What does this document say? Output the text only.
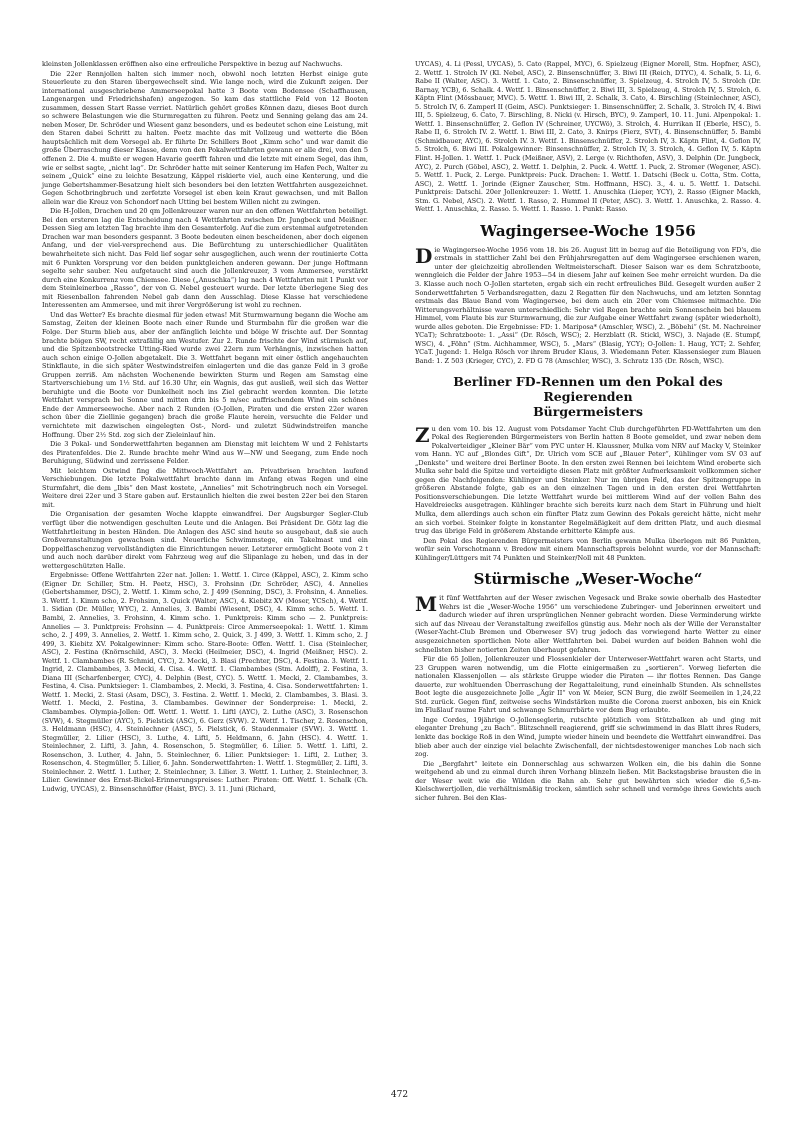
kleinsten Jollenklassen eröffnen also eine erfreuliche Perspektive in bezug auf Nachwuchs.

Die 22er Rennjollen halten sich immer noch, obwohl noch letzten Herbst einige gute Steuerleute zu den Staren übergewechselt sind. Wie lange noch, wird die Zukunft zeigen. Der international ausgeschriebene Ammerseepokal hatte 3 Boote vom Bodensee (Schaffhausen, Langenargen und Friedrichshafen) angezogen. So kam das stattliche Feld von 12 Booten zusammen, dessen Start Rasse verriet. Natürlich gehört großes Können dazu, dieses Boot durch so schwere Belastungen wie die Sturmregatten zu führen. Peetz und Senning gelang das am 24. neben Moser, Dr. Schröder und Wiesent ganz besonders, und es bedeutet schon eine Leistung, mit den Staren dabei Schritt zu halten. Peetz machte das mit Vollzeug und wetterte die Böen hauptsächlich mit dem Vorsegel ab. Er führte Dr. Schillers Boot „Kimm scho“ und war damit die große Überraschung dieser Klasse, denn von den Pokalwettfahrten gewann er alle drei, von den 5 offenen 2. Die 4. mußte er wegen Havarie geerfft fahren und die letzte mit einem Segel, das ihm, wie er selbst sagte, „nicht lag“. Dr. Schröder hatte mit seiner Kenterung im Hafen Pech, Walter zu seinem „Quick“ eine zu leichte Besatzung, Käppel riskierte viel, auch eine Kenterung, und die junge Gebertshammer-Besatzung hielt sich besonders bei den letzten Wettfahrten ausgezeichnet. Gegen Schotbringbruch und zerfetzte Vorsegel ist eben kein Kraut gewachsen, und mit Ballon allein war die Kreuz von Schondorf nach Utting bei bestem Willen nicht zu zwingen.

Die H-Jollen, Drachen und 20 qm Jollenkreuzer waren nur an den offenen Wettfahrten beteiligt. Bei den ersteren lag die Entscheidung nach 4 Wettfahrten zwischen Dr. Jungbeck und Meißner. Dessen Sieg am letzten Tag brachte ihm den Gesamterfolg. Auf die zum erstenmal aufgetretenden Drachen war man besonders gespannt. 3 Boote bedeuten einen bescheidenen, aber doch eigenen Anfang, und der viel-versprechend aus. Die Befürchtung zu unterschiedlicher Qualitäten bewahrheitete sich nicht. Das Feld lief sogar sehr ausgeglichen, auch wenn der routinierte Cotta mit 6 Punkten Vorsprung vor den beiden punktgleichen anderen gewann. Der junge Hoftmann segelte sehr sauber. Neu aufgetaucht sind auch die Jollenkreuzer, 3 vom Ammersee, verstärkt durch eine Konkurrenz vom Chiemsee. Diese („Anuschka“) lag nach 4 Wettfahrten mit 1 Punkt vor dem Steinleinerboa „Rasso“, der von G. Nebel gesteuert wurde. Der letzte überlegene Sieg des mit Riesenballon fahrenden Nebel gab dann den Ausschlag. Diese Klasse hat verschiedene Interessenten am Ammersee, und mit ihrer Vergrößerung ist wohl zu rechnen.

Und das Wetter? Es brachte diesmal für jeden etwas! Mit Sturmwarnung begann die Woche am Samstag, Zeiten der kleinen Boote nach einer Runde und Sturmbahn für die großen war die Folge. Der Sturm blieb aus, aber der anfänglich leichte und böige W frischte auf. Der Sonntag brachte böigen SW, recht extrafällig am Westufer. Zur 2. Runde frischte der Wind stürmisch auf, und die Spitzenbootstrecke Utting-Ried wurde zwei 22ern zum Verhängnis, inzwischen hatten auch schon einige O-Jollen abgetakelt. Die 3. Wettfahrt begann mit einer östlich angehauchten Stinkflaute, in die sich später Westwindstreifen einlagerten und die das ganze Feld in 3 große Gruppen zerriß. Am nächsten Wochenende bewirkten Sturm und Regen am Samstag eine Startverschiebung um 1½ Std. auf 16.30 Uhr, ein Wagnis, das gut ausließ, weil sich das Wetter beruhigte und die Boote vor Dunkelheit noch ins Ziel gebracht werden konnten. Die letzte Wettfahrt versprach bei Sonne und mitten drin bis 5 m/sec auffrischendem Wind ein schönes Ende der Ammerseewoche. Aber nach 2 Runden (O-Jollen, Piraten und die ersten 22er waren schon über die Ziellinie gegangen) brach die große Flaute herein, versuchte die Felder und vernichtete mit dazwischen eingelegten Ost-, Nord- und zuletzt Südwindstreifen manche Hoffnung. Über 2½ Std. zog sich der Zieleinlauf hin.

Die 3 Pokal- und Sonderwettfahrten begannen am Dienstag mit leichtem W und 2 Fehlstarts des Piratenfeldes. Die 2. Runde brachte mehr Wind aus W—NW und Seegang, zum Ende noch Beruhigung, Südwind und zerrissene Felder.

Mit leichtem Ostwind fing die Mittwoch-Wettfahrt an. Privatbrisen brachten laufend Verschiebungen. Die letzte Pokalwettfahrt brachte dann im Anfang etwas Regen und eine Sturmfahrt, die dem „Ibis“ den Mast kostete, „Annelies“ mit Schotringbruch noch ein Vorsegel. Weitere drei 22er und 3 Stare gaben auf. Erstaunlich hielten die zwei besten 22er bei den Staren mit.

Die Organisation der gesamten Woche klappte einwandfrei. Der Augsburger Segler-Club verfügt über die notwendigen geschulten Leute und die Anlagen. Bei Präsident Dr. Götz lag die Wettfahrtleitung in besten Händen. Die Anlagen des ASC sind heute so ausgebaut, daß sie auch Großveranstaltungen gewachsen sind. Neuerliche Schwimmstege, ein Takelmast und ein Doppelflaschenzug vervollständigten die Einrichtungen neuer. Letzterer ermöglicht Boote von 2 t und auch noch darüber direkt vom Fahrzeug weg auf die Slipanlage zu heben, und das in der wettergeschützten Halle.

Ergebnisse: Offene Wettfahrten 22er nat. Jollen: 1. Wettf. 1. Circe (Käppel, ASC), 2. Kimm scho (Eigner Dr. Schiller, Stm. H. Peetz, HSC), 3. Frohsinn (Dr. Schröder, ASC), 4. Annelies (Gebertshammer, DSC), 2. Wettf. 1. Kimm scho, 2. J 499 (Senning, DSC), 3. Frohsinn, 4. Annelies. 3. Wettf. 1. Kimm scho, 2. Frohsinn, 3. Quick (Walter, ASC), 4. Kiebitz XV (Moser, YCSch), 4. Wettf. 1. Sidian (Dr. Müller, WYC), 2. Annelies, 3. Bambi (Wiesent, DSC), 4. Kimm scho. 5. Wettf. 1. Bambi, 2. Annelies, 3. Frohsinn, 4. Kimm scho. 1. Punktpreis: Kimm scho — 2. Punktpreis: Annelies — 3. Punktpreis: Frohsinn — 4. Punktpreis: Circe Ammerseepokal: 1. Wettf. 1. Kimm scho, 2. J 499, 3. Annelies, 2. Wettf. 1. Kimm scho, 2. Quick, 3. J 499, 3. Wettf. 1. Kimm scho, 2. J 499, 3. Kiebitz XV. Pokalgewinner: Kimm scho. Stare-Boote: Offen. Wettf. 1. Cisa (Steinlecher, ASC), 2. Festina (Knörnschild, ASC), 3. Mecki (Heilmeier, DSC), 4. Ingrid (Meißner, HSC). 2. Wettf. 1. Clambambes (R. Schmid, CYC), 2. Mecki, 3. Blasi (Prechter, DSC), 4. Festina. 3. Wettf. 1. Ingrid, 2. Clambambes, 3. Mecki, 4. Cisa. 4. Wettf. 1. Clambambes (Stm. Adolff), 2. Festina, 3. Diana III (Scharfenberger, CYC), 4. Delphin (Best, CYC). 5. Wettf. 1. Mecki, 2. Clambambes, 3. Festina, 4. Cisa. Punktsieger: 1. Clambambes, 2. Mecki, 3. Festina, 4. Cisa. Sonderwettfahrten: 1. Wettf. 1. Mecki, 2. Stasi (Asam, DSC), 3. Festina. 2. Wettf. 1. Mecki, 2. Clambambes, 3. Blasi. 3. Wettf. 1. Mecki, 2. Festina, 3. Clambambes. Gewinner der Sonderpreise: 1. Mecki, 2. Clambambes. Olympia-Jollen: Off. Wettf. 1. Wettf. 1. Liftl (AYC), 2. Luthe (ASC), 3. Rosenschon (SVW), 4. Stegmüller (AYC), 5. Pielstick (ASC), 6. Gerz (SVW). 2. Wettf. 1. Tischer, 2. Rosenschon, 3. Heldmann (HSC), 4. Steinlechner (ASC), 5. Pielstick, 6. Staudenmaier (SVW). 3. Wettf. 1. Stegmüller, 2. Lilier (HSC), 3. Luthe, 4. Liftl, 5. Heldmann, 6. Jahn (HSC). 4. Wettf. 1. Steinlechner, 2. Liftl, 3. Jahn, 4. Rosenschon, 5. Stegmüller, 6. Lilier. 5. Wettf. 1. Liftl, 2. Rosenschon, 3. Luther, 4. Jahn, 5. Steinlechner, 6. Lilier. Punktsieger: 1. Liftl, 2. Luther, 3. Rosenschon, 4. Stegmüller, 5. Lilier, 6. Jahn. Sonderwettfahrten: 1. Wettf. 1. Stegmüller, 2. Liftl, 3. Steinlechner. 2. Wettf. 1. Luther, 2. Steinlechner, 3. Lilier. 3. Wettf. 1. Luther, 2. Steinlechner, 3. Lilier. Gewinner des Ernst-Bickel-Erinnerungspreises: Luther. Piraten: Off. Wettf. 1. Schalk (Ch. Ludwig, UYCAS), 2. Binsenschnüffer (Haist, BYC). 3. 11. Juni (Richard,

UYCAS), 4. Li (Pessl, UYCAS), 5. Cato (Rappel, MYC), 6. Spielzeug (Eigner Morell, Stm. Hopfner, ASC), 2. Wettf. 1. Strolch IV (Kl. Nebel, ASC), 2. Binsenschnüffer, 3. Biwi III (Reich, DTYC), 4. Schalk, 5. Li, 6. Rabe II (Walter, ASC). 3. Wettf. 1. Cato, 2. Binsenschnüffer, 3. Spielzeug, 4. Strolch IV, 5. Strolch (Dr. Barnay, YCB), 6. Schalk. 4. Wettf. 1. Binsenschnüffer, 2. Biwi III, 3. Spielzeug, 4. Strolch IV, 5. Strolch, 6. Käptn Flint (Mössbauer, MVC). 5. Wettf. 1. Biwi III, 2. Schalk, 3. Cato, 4. Birschling (Steinlechner, ASC), 5. Strolch IV, 6. Zamperl II (Geim, ASC). Punktsieger: 1. Binsenschnüffer, 2. Schalk, 3. Strolch IV, 4. Biwi III, 5. Spielzeug, 6. Cato, 7. Birschling, 8. Nicki (v. Hirsch, BYC), 9. Zamperl, 10. 11. Juni. Alpenpokal: 1. Wettf. 1. Binsenschnüffer, 2. Geflon IV (Schreiner, UYCWö), 3. Strolch, 4. Hurrikan II (Eberle, HSC), 5. Rabe II, 6. Strolch IV. 2. Wettf. 1. Biwi III, 2. Cato, 3. Knirps (Fierz, SVT), 4. Binsenschnüffer, 5. Bambi (Schmidbauer, AYC), 6. Strolch IV. 3. Wettf. 1. Binsenschnüffer, 2. Strolch IV, 3. Käptn Flint, 4. Geflon IV, 5. Strolch, 6. Biwi III. Pokalgewinner: Binsenschnüffer, 2. Strolch IV, 3. Strolch, 4. Geflon IV, 5. Käptn Flint. H-Jollen. 1. Wettf. 1. Puck (Meißner, ASV), 2. Lerge (v. Richthofen, ASV), 3. Delphin (Dr. Jungbeck, AYC), 2. Purch (Göbel, ASC), 2. Wettf. 1. Delphin, 2. Puck. 4. Wettf. 1. Puck, 2. Stromer (Wegener, ASC). 5. Wettf. 1. Puck, 2. Lerge. Punktpreis: Puck. Drachen: 1. Wettf. 1. Datschi (Beck u. Cotta, Stm. Cotta, ASC), 2. Wettf. 1. Jorinde (Eigner Zauscher, Stm. Hoffmann, HSC). 3., 4. u. 5. Wettf. 1. Datschi. Punktpreis: Datschi. 20er Jollenkreuzer: 1. Wettf. 1. Anuschka (Lieper, YCY), 2. Rasso (Eigner Mackh, Stm. G. Nebel, ASC). 2. Wettf. 1. Rasso, 2. Hummel II (Peter, ASC). 3. Wettf. 1. Anuschka, 2. Rasso. 4. Wettf. 1. Anuschka, 2. Rasso. 5. Wettf. 1. Rasso. 1. Punkt: Rasso.

Wagingersee-Woche 1956

Die Wagingersee-Woche 1956 vom 18. bis 26. August litt in bezug auf die Beteiligung von FD's, die erstmals in stattlicher Zahl bei den Frühjahrsregatten auf dem Wagingersee erschienen waren, unter der gleichzeitig abrollenden Weltmeisterschaft. Dieser Saison war es dem Schratzboote, wenngleich die Felder der Jahre 1953—54 in diesem Jahr auf keinen See mehr erreicht wurden. Da die 3. Klasse auch noch O-Jollen starteten, ergab sich ein recht erfreuliches Bild. Gesegelt wurden außer 2 Sonderwettfahrten 5 Verbandsregatten, dazu 2 Regatten für den Nachwuchs, und am letzten Sonntag erstmals das Blaue Band vom Wagingersee, bei dem auch ein 20er vom Chiemsee mitmachte. Die Witterungsverhältnisse waren unterschiedlich: Sehr viel Regen brachte sein Sonnenschein bei blauem Himmel, vom Flaute bis zur Sturmwarnung, die zur Aufgabe einer Wettfahrt zwang (später wiederholt), wurde alles geboten. Die Ergebnisse: FD: 1. Mariposa* (Amschler, WSC), 2. „Böbehi“ (St. M. Nachreiner YCaT); Schratzboote: 1. „Assi“ (Dr. Rösch, WSC); 2. Herzblatt (R. Stickl, WSC), 3. Najade (E. Stumpf, WSC), 4. „Föhn“ (Stm. Aichhammer, WSC), 5. „Mars“ (Blasig, YCY); O-Jollen: 1. Haug, YCT; 2. Sehfer, YCaT. Jugend: 1. Helga Rösch vor ihrem Bruder Klaus, 3. Wiedemann Peter. Klassensieger zum Blauen Band: 1. Z 503 (Krieger, CYC), 2. FD G 78 (Amschler, WSC), 3. Schratz 135 (Dr. Rösch, WSC).

Berliner FD-Rennen um den Pokal des Regierenden
Bürgermeisters

Zu den vom 10. bis 12. August vom Potsdamer Yacht Club durchgeführten FD-Wettfahrten um den Pokal des Regierenden Bürgermeisters von Berlin hatten 8 Boote gemeldet, und zwar neben dem Pokalverteidiger „Kleiner Bär“ vom PYC unter H. Klaussner, Mulka vom NRV auf Macky V, Steinker vom Hann. YC auf „Blondes Gift“, Dr. Ulrich vom SCE auf „Blauer Peter“, Kühlinger vom SV 03 auf „Denkste“ und weitere drei Berliner Boote. In den ersten zwei Rennen bei leichtem Wind eroberte sich Mulka sehr bald die Spitze und verteidigte diesen Platz mit größter Aufmerksamkeit vollkommen sicher gegen die Nachfolgenden: Kühlinger und Steinker. Nur im übrigen Feld, das der Spitzengruppe in größeren Abstande folgte, gab es an den einzelnen Tagen und in den ersten drei Wettfahrten Positionsverschiebungen. Die letzte Wettfahrt wurde bei mittlerem Wind auf der vollen Bahn des Haveldreiecks ausgetragen. Kühlinger brachte sich bereits kurz nach dem Start in Führung und hielt Mulka, dem allerdings auch schon ein fünfter Platz zum Gewinn des Pokals gereicht hätte, nicht mehr an sich vorbei. Steinker folgte in konstanter Regelmäßigkeit auf dem dritten Platz, und auch diesmal trug das übrige Feld in größerem Abstande erbitterte Kämpfe aus.

Den Pokal des Regierenden Bürgermeisters von Berlin gewann Mulka überlegen mit 86 Punkten, wofür sein Vorschotmann v. Bredow mit einem Mannschaftspreis belohnt wurde, vor der Mannschaft: Kühlinger/Lüttgers mit 74 Punkten und Steinker/Noll mit 48 Punkten.

Stürmische „Weser-Woche“

Mit fünf Wettfahrten auf der Weser zwischen Vegesack und Brake sowie oberhalb des Hastedter Wehrs ist die „Weser-Woche 1956“ um verschiedene Zubringer- und Jeberinnen erweitert und dadurch wieder auf ihren ursprünglichen Nenner gebracht worden. Diese Verminderung wirkte sich auf das Niveau der Veranstaltung zweifellos günstig aus. Mehr noch als der Wille der Veranstalter (Weser-Yacht-Club Bremen und Oberweser SV) trug jedoch das vorwiegend harte Wetter zu einer ausgezeichneten sportlichen Note aller Wettfahrten bei. Dabei wurden auf beiden Bahnen wohl die schnellsten bisher notierten Zeiten überhaupt gefahren.

Für die 65 Jollen, Jollenkreuzer und Flossenkieler der Unterweser-Wettfahrt waren acht Starts, und 23 Gruppen waren notwendig, um die Flotte einigermaßen zu „sortieren“. Vorweg lieferten die nationalen Klassenjollen — als stärkste Gruppe wieder die Piraten — ihr flottes Rennen. Das Gange dauerte, zur wohltuenden Überraschung der Regattaleitung, rund eineinhalb Stunden. Als schnellstes Boot legte die ausgezeichnete Jolle „Ägir II“ von W. Meier, SCN Burg, die zwölf Seemeilen in 1,24,22 Std. zurück. Gegen fünf, zeitweise sechs Windstärken mußte die Corona zuerst anboxen, bis ein Knick im Flußlauf raume Fahrt und schwange Schmurrbärte vor dem Bug erlaubte.

Inge Cordes, 19jährige O-Jollenseglerin, rutschte plötzlich vom Stützbalken ab und ging mit eleganter Drehung „zu Bach“. Blitzschnell reagierend, griff sie schwimmend in das Blatt ihres Ruders, lenkte das bockige Roß in den Wind, jumpte wieder hinein und beendete die Wettfahrt einwandfrei. Das blieb aber auch der einzige viel belachte Zwischenfall, der nichtsdestoweniger manches Lob nach sich zog.

Die „Bergfahrt“ leitete ein Donnerschlag aus schwarzen Wolken ein, die bis dahin die Sonne weitgehend ab und zu einmal durch ihren Vorhang blinzeln ließen. Mit Backstagsbrise brausten die in der Weser weit wie die Wilden die Bahn ab. Sehr gut bewährten sich wieder die 6,5-m-Kielschwertjollen, die verhältnismäßig trocken, sämtlich sehr schnell und vermöge ihres Gewichts auch sicher fuhren. Bei den Klas-

472
